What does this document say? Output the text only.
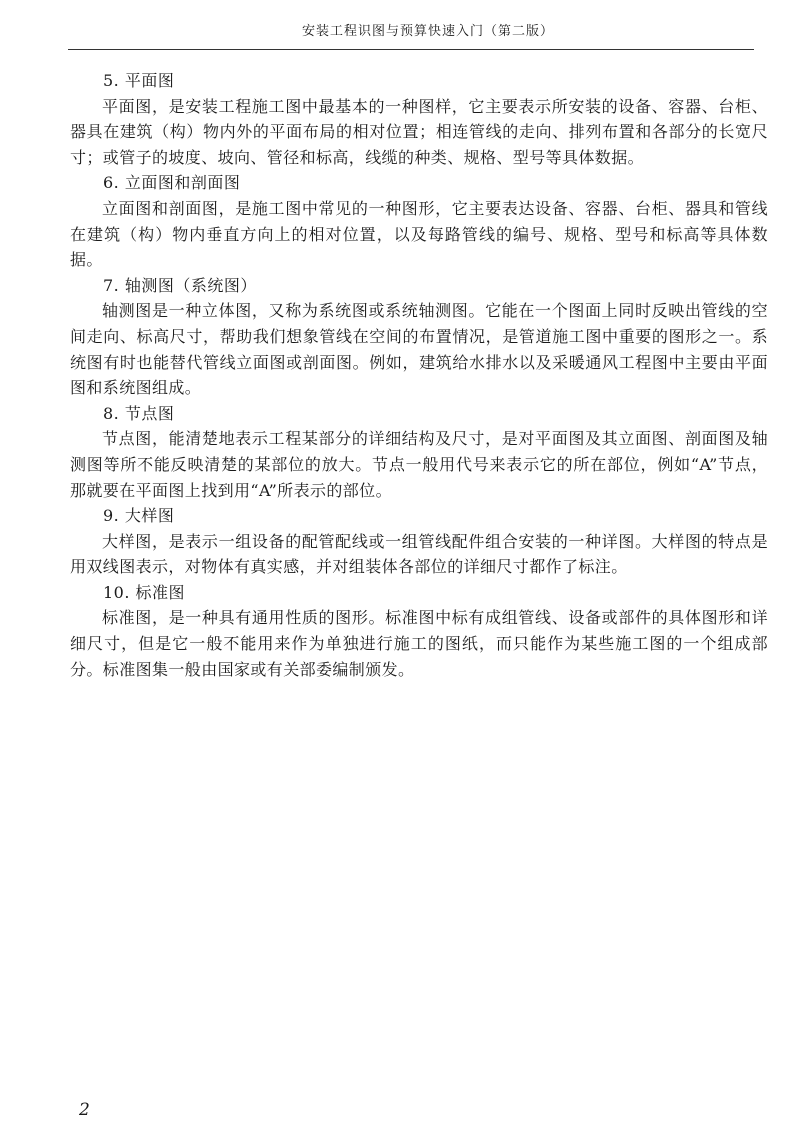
安装工程识图与预算快速入门（第二版）

5. 平面图

平面图，是安装工程施工图中最基本的一种图样，它主要表示所安装的设备、容器、台柜、器具在建筑（构）物内外的平面布局的相对位置；相连管线的走向、排列布置和各部分的长宽尺寸；或管子的坡度、坡向、管径和标高，线缆的种类、规格、型号等具体数据。

6. 立面图和剖面图

立面图和剖面图，是施工图中常见的一种图形，它主要表达设备、容器、台柜、器具和管线在建筑（构）物内垂直方向上的相对位置，以及每路管线的编号、规格、型号和标高等具体数据。

7. 轴测图（系统图）

轴测图是一种立体图，又称为系统图或系统轴测图。它能在一个图面上同时反映出管线的空间走向、标高尺寸，帮助我们想象管线在空间的布置情况，是管道施工图中重要的图形之一。系统图有时也能替代管线立面图或剖面图。例如，建筑给水排水以及采暖通风工程图中主要由平面图和系统图组成。

8. 节点图

节点图，能清楚地表示工程某部分的详细结构及尺寸，是对平面图及其立面图、剖面图及轴测图等所不能反映清楚的某部位的放大。节点一般用代号来表示它的所在部位，例如“A”节点，那就要在平面图上找到用“A”所表示的部位。

9. 大样图

大样图，是表示一组设备的配管配线或一组管线配件组合安装的一种详图。大样图的特点是用双线图表示，对物体有真实感，并对组装体各部位的详细尺寸都作了标注。

10. 标准图

标准图，是一种具有通用性质的图形。标准图中标有成组管线、设备或部件的具体图形和详细尺寸，但是它一般不能用来作为单独进行施工的图纸，而只能作为某些施工图的一个组成部分。标准图集一般由国家或有关部委编制颁发。

2
